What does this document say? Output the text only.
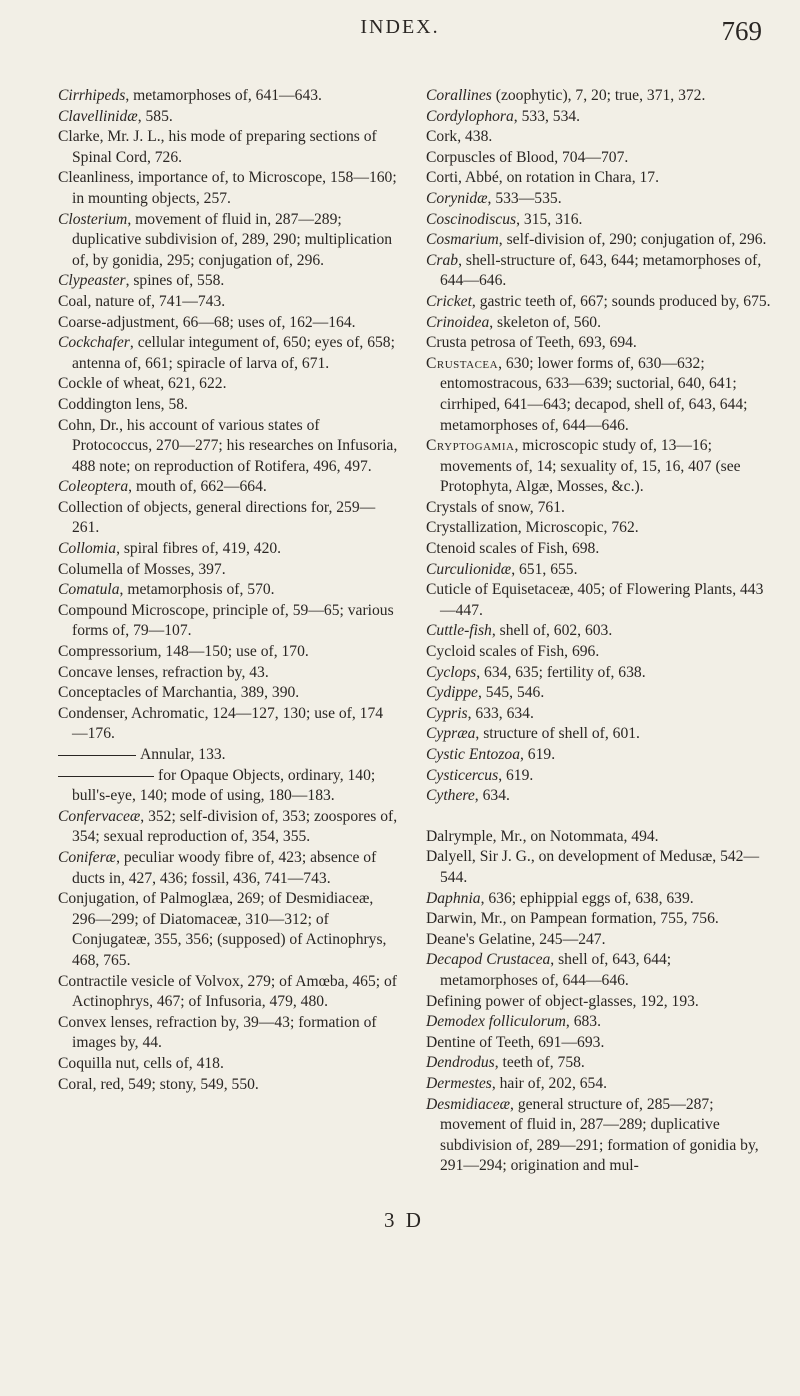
INDEX.	769

Cirrhipeds, metamorphoses of, 641—643.

Clavellinidæ, 585.

Clarke, Mr. J. L., his mode of preparing sections of Spinal Cord, 726.

Cleanliness, importance of, to Microscope, 158—160; in mounting objects, 257.

Closterium, movement of fluid in, 287—289; duplicative subdivision of, 289, 290; multiplication of, by gonidia, 295; conjugation of, 296.

Clypeaster, spines of, 558.

Coal, nature of, 741—743.

Coarse-adjustment, 66—68; uses of, 162—164.

Cockchafer, cellular integument of, 650; eyes of, 658; antenna of, 661; spiracle of larva of, 671.

Cockle of wheat, 621, 622.

Coddington lens, 58.

Cohn, Dr., his account of various states of Protococcus, 270—277; his researches on Infusoria, 488 note; on reproduction of Rotifera, 496, 497.

Coleoptera, mouth of, 662—664.

Collection of objects, general directions for, 259—261.

Collomia, spiral fibres of, 419, 420.

Columella of Mosses, 397.

Comatula, metamorphosis of, 570.

Compound Microscope, principle of, 59—65; various forms of, 79—107.

Compressorium, 148—150; use of, 170.

Concave lenses, refraction by, 43.

Conceptacles of Marchantia, 389, 390.

Condenser, Achromatic, 124—127, 130; use of, 174—176.

Annular, 133.

for Opaque Objects, ordinary, 140; bull's-eye, 140; mode of using, 180—183.

Confervaceæ, 352; self-division of, 353; zoospores of, 354; sexual reproduction of, 354, 355.

Coniferæ, peculiar woody fibre of, 423; absence of ducts in, 427, 436; fossil, 436, 741—743.

Conjugation, of Palmoglæa, 269; of Desmidiaceæ, 296—299; of Diatomaceæ, 310—312; of Conjugateæ, 355, 356; (supposed) of Actinophrys, 468, 765.

Contractile vesicle of Volvox, 279; of Amœba, 465; of Actinophrys, 467; of Infusoria, 479, 480.

Convex lenses, refraction by, 39—43; formation of images by, 44.

Coquilla nut, cells of, 418.

Coral, red, 549; stony, 549, 550.

Corallines (zoophytic), 7, 20; true, 371, 372.

Cordylophora, 533, 534.

Cork, 438.

Corpuscles of Blood, 704—707.

Corti, Abbé, on rotation in Chara, 17.

Corynidæ, 533—535.

Coscinodiscus, 315, 316.

Cosmarium, self-division of, 290; conjugation of, 296.

Crab, shell-structure of, 643, 644; metamorphoses of, 644—646.

Cricket, gastric teeth of, 667; sounds produced by, 675.

Crinoidea, skeleton of, 560.

Crusta petrosa of Teeth, 693, 694.

Crustacea, 630; lower forms of, 630—632; entomostracous, 633—639; suctorial, 640, 641; cirrhiped, 641—643; decapod, shell of, 643, 644; metamorphoses of, 644—646.

Cryptogamia, microscopic study of, 13—16; movements of, 14; sexuality of, 15, 16, 407 (see Protophyta, Algæ, Mosses, &c.).

Crystals of snow, 761.

Crystallization, Microscopic, 762.

Ctenoid scales of Fish, 698.

Curculionidæ, 651, 655.

Cuticle of Equisetaceæ, 405; of Flowering Plants, 443—447.

Cuttle-fish, shell of, 602, 603.

Cycloid scales of Fish, 696.

Cyclops, 634, 635; fertility of, 638.

Cydippe, 545, 546.

Cypris, 633, 634.

Cypræa, structure of shell of, 601.

Cystic Entozoa, 619.

Cysticercus, 619.

Cythere, 634.

Dalrymple, Mr., on Notommata, 494.

Dalyell, Sir J. G., on development of Medusæ, 542—544.

Daphnia, 636; ephippial eggs of, 638, 639.

Darwin, Mr., on Pampean formation, 755, 756.

Deane's Gelatine, 245—247.

Decapod Crustacea, shell of, 643, 644; metamorphoses of, 644—646.

Defining power of object-glasses, 192, 193.

Demodex folliculorum, 683.

Dentine of Teeth, 691—693.

Dendrodus, teeth of, 758.

Dermestes, hair of, 202, 654.

Desmidiaceæ, general structure of, 285—287; movement of fluid in, 287—289; duplicative subdivision of, 289—291; formation of gonidia by, 291—294; origination and mul-

3 D
